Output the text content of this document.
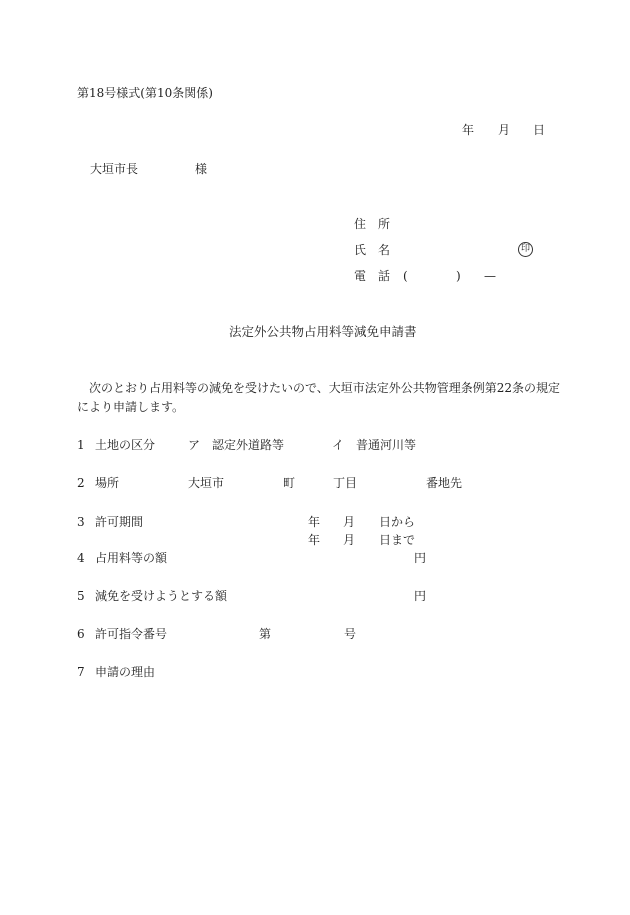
第18号様式(第10条関係)
年 月 日
大垣市長	様
住　所
氏　名	印
電　話 (	) —
法定外公共物占用料等減免申請書
次のとおり占用料等の減免を受けたいので、大垣市法定外公共物管理条例第22条の規定
により申請します。
1 土地の区分	ア　認定外道路等	イ　普通河川等
2 場所	大垣市	町	丁目	番地先
3 許可期間	年 月 日から
年 月 日まで
4 占用料等の額	円
5 減免を受けようとする額	円
6 許可指令番号	第	号
7 申請の理由
